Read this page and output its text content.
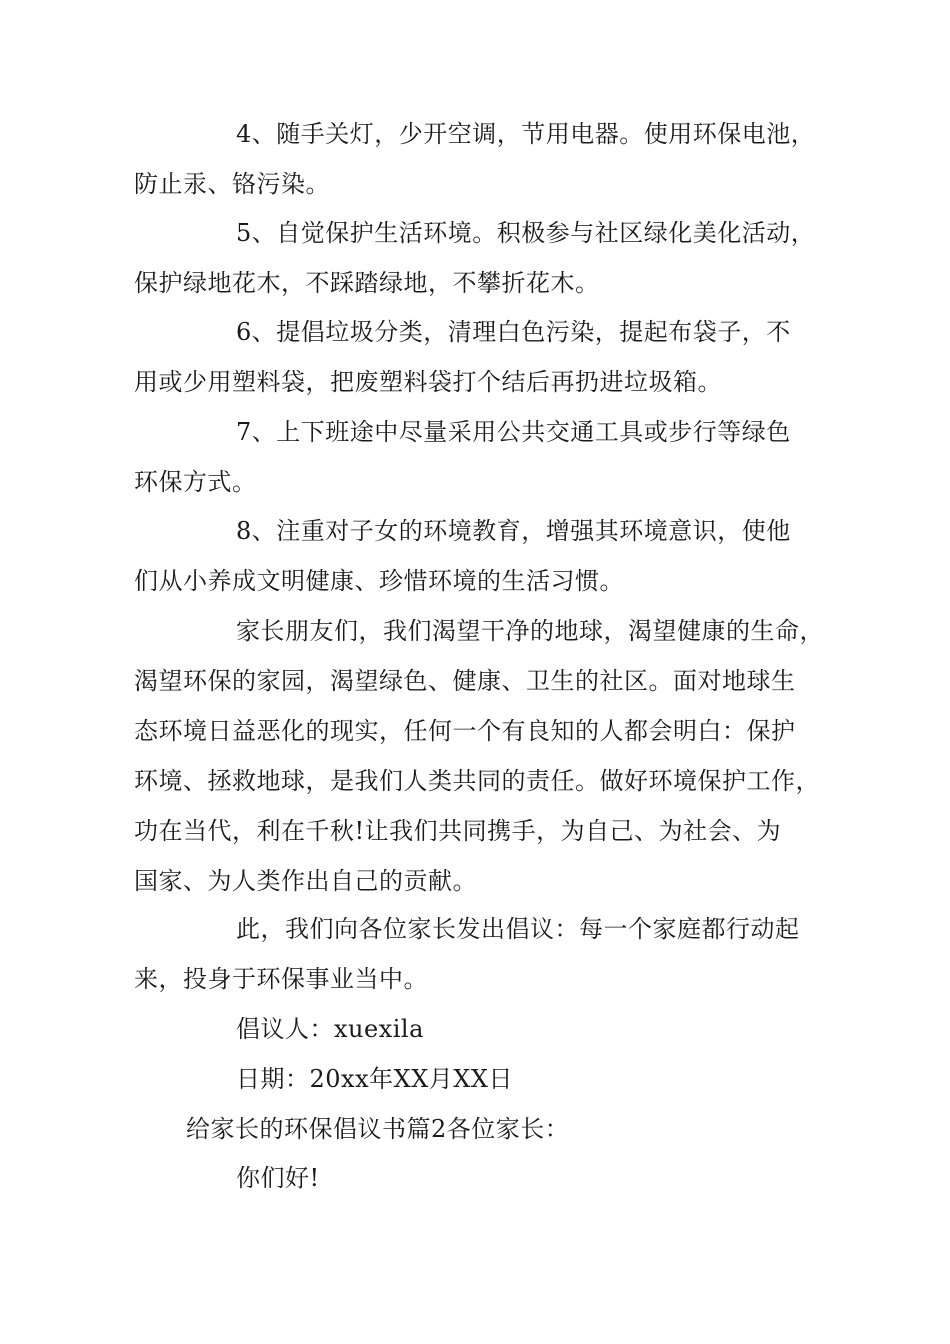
4、随手关灯，少开空调，节用电器。使用环保电池，
防止汞、铬污染。
5、自觉保护生活环境。积极参与社区绿化美化活动，
保护绿地花木，不踩踏绿地，不攀折花木。
6、提倡垃圾分类，清理白色污染，提起布袋子，不
用或少用塑料袋，把废塑料袋打个结后再扔进垃圾箱。
7、上下班途中尽量采用公共交通工具或步行等绿色
环保方式。
8、注重对子女的环境教育，增强其环境意识，使他
们从小养成文明健康、珍惜环境的生活习惯。
家长朋友们，我们渴望干净的地球，渴望健康的生命，
渴望环保的家园，渴望绿色、健康、卫生的社区。面对地球生
态环境日益恶化的现实，任何一个有良知的人都会明白：保护
环境、拯救地球，是我们人类共同的责任。做好环境保护工作，
功在当代，利在千秋!让我们共同携手，为自己、为社会、为
国家、为人类作出自己的贡献。
此，我们向各位家长发出倡议：每一个家庭都行动起
来，投身于环保事业当中。
倡议人：xuexila
日期：20xx年XX月XX日
给家长的环保倡议书篇2各位家长：
你们好!
